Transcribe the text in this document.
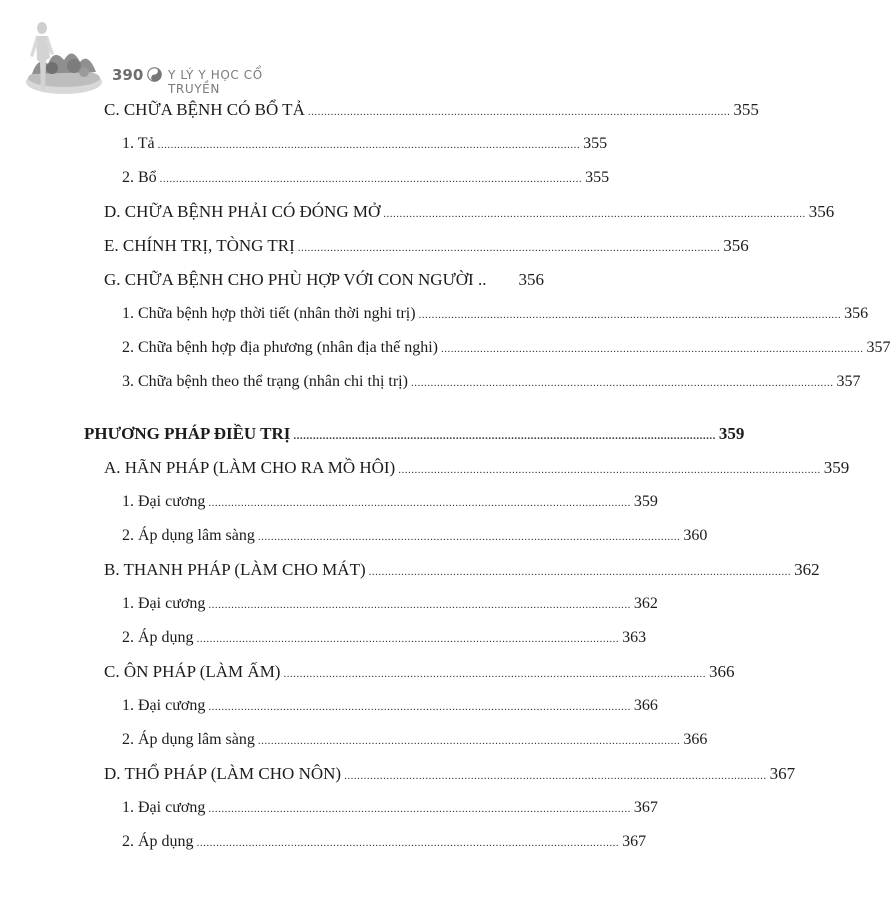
390 Y LÝ Y HỌC CỔ TRUYỀN
C. CHỮA BỆNH CÓ BỔ TẢ .................................................................................................................................. 355
1. Tả .................................................................................................................................. 355
2. Bổ .................................................................................................................................. 355
D. CHỮA BỆNH PHẢI CÓ ĐÓNG MỞ .................................................................................................................................. 356
E. CHÍNH TRỊ, TÒNG TRỊ .................................................................................................................................. 356
G. CHỮA BỆNH CHO PHÙ HỢP VỚI CON NGƯỜI .. 356
1. Chữa bệnh hợp thời tiết (nhân thời nghi trị) .................................................................................................................................. 356
2. Chữa bệnh hợp địa phương (nhân địa thế nghi) .................................................................................................................................. 357
3. Chữa bệnh theo thể trạng (nhân chi thị trị) .................................................................................................................................. 357
PHƯƠNG PHÁP ĐIỀU TRỊ .................................................................................................................................. 359
A. HÃN PHÁP (LÀM CHO RA MỒ HÔI) .................................................................................................................................. 359
1. Đại cương .................................................................................................................................. 359
2. Áp dụng lâm sàng .................................................................................................................................. 360
B. THANH PHÁP (LÀM CHO MÁT) .................................................................................................................................. 362
1. Đại cương .................................................................................................................................. 362
2. Áp dụng .................................................................................................................................. 363
C. ÔN PHÁP (LÀM ẤM) .................................................................................................................................. 366
1. Đại cương .................................................................................................................................. 366
2. Áp dụng lâm sàng .................................................................................................................................. 366
D. THỔ PHÁP (LÀM CHO NÔN) .................................................................................................................................. 367
1. Đại cương .................................................................................................................................. 367
2. Áp dụng .................................................................................................................................. 367
